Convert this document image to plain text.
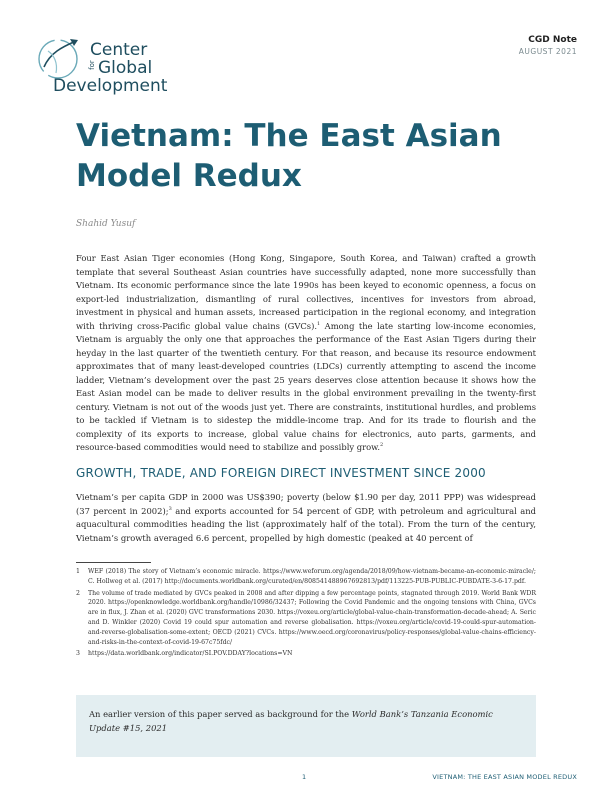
Center
for Global
Development
CGD Note
AUGUST 2021
Vietnam: The East Asian Model Redux
Shahid Yusuf

Four East Asian Tiger economies (Hong Kong, Singapore, South Korea, and Taiwan) crafted a growth template that several Southeast Asian countries have successfully adapted, none more successfully than Vietnam. Its economic performance since the late 1990s has been keyed to economic openness, a focus on export-led industrialization, dismantling of rural collectives, incentives for investors from abroad, investment in physical and human assets, increased participation in the regional economy, and integration with thriving cross-Pacific global value chains (GVCs).$^1$ Among the late starting low-income economies, Vietnam is arguably the only one that approaches the performance of the East Asian Tigers during their heyday in the last quarter of the twentieth century. For that reason, and because its resource endowment approximates that of many least-developed countries (LDCs) currently attempting to ascend the income ladder, Vietnam’s development over the past 25 years deserves close attention because it shows how the East Asian model can be made to deliver results in the global environment prevailing in the twenty-first century. Vietnam is not out of the woods just yet. There are constraints, institutional hurdles, and problems to be tackled if Vietnam is to sidestep the middle-income trap. And for its trade to flourish and the complexity of its exports to increase, global value chains for electronics, auto parts, garments, and resource-based commodities would need to stabilize and possibly grow.$^2$

GROWTH, TRADE, AND FOREIGN DIRECT INVESTMENT SINCE 2000

Vietnam’s per capita GDP in 2000 was US$390; poverty (below $1.90 per day, 2011 PPP) was widespread (37 percent in 2002);$^3$ and exports accounted for 54 percent of GDP, with petroleum and agricultural and aquacultural commodities heading the list (approximately half of the total). From the turn of the century, Vietnam’s growth averaged 6.6 percent, propelled by high domestic (peaked at 40 percent of

1	WEF (2018) The story of Vietnam’s economic miracle. https://www.weforum.org/agenda/2018/09/how-vietnam-became-an-economic-miracle/; C. Hollweg et al. (2017) http://documents.worldbank.org/curated/en/808541488967692813/pdf/113225-PUB-PUBLIC-PUBDATE-3-6-17.pdf.
2	The volume of trade mediated by GVCs peaked in 2008 and after dipping a few percentage points, stagnated through 2019. World Bank WDR 2020. https://openknowledge.worldbank.org/handle/10986/32437; Following the Covid Pandemic and the ongoing tensions with China, GVCs are in flux, J. Zhan et al. (2020) GVC transformations 2030. https://voxeu.org/article/global-value-chain-transformation-decade-ahead; A. Seric and D. Winkler (2020) Covid 19 could spur automation and reverse globalisation. https://voxeu.org/article/covid-19-could-spur-automation-and-reverse-globalisation-some-extent; OECD (2021) CVCs. https://www.oecd.org/coronavirus/policy-responses/global-value-chains-efficiency-and-risks-in-the-context-of-covid-19-67c75fdc/
3	https://data.worldbank.org/indicator/SI.POV.DDAY?locations=VN
An earlier version of this paper served as background for the World Bank’s Tanzania Economic Update #15, 2021
1	VIETNAM: THE EAST ASIAN MODEL REDUX
